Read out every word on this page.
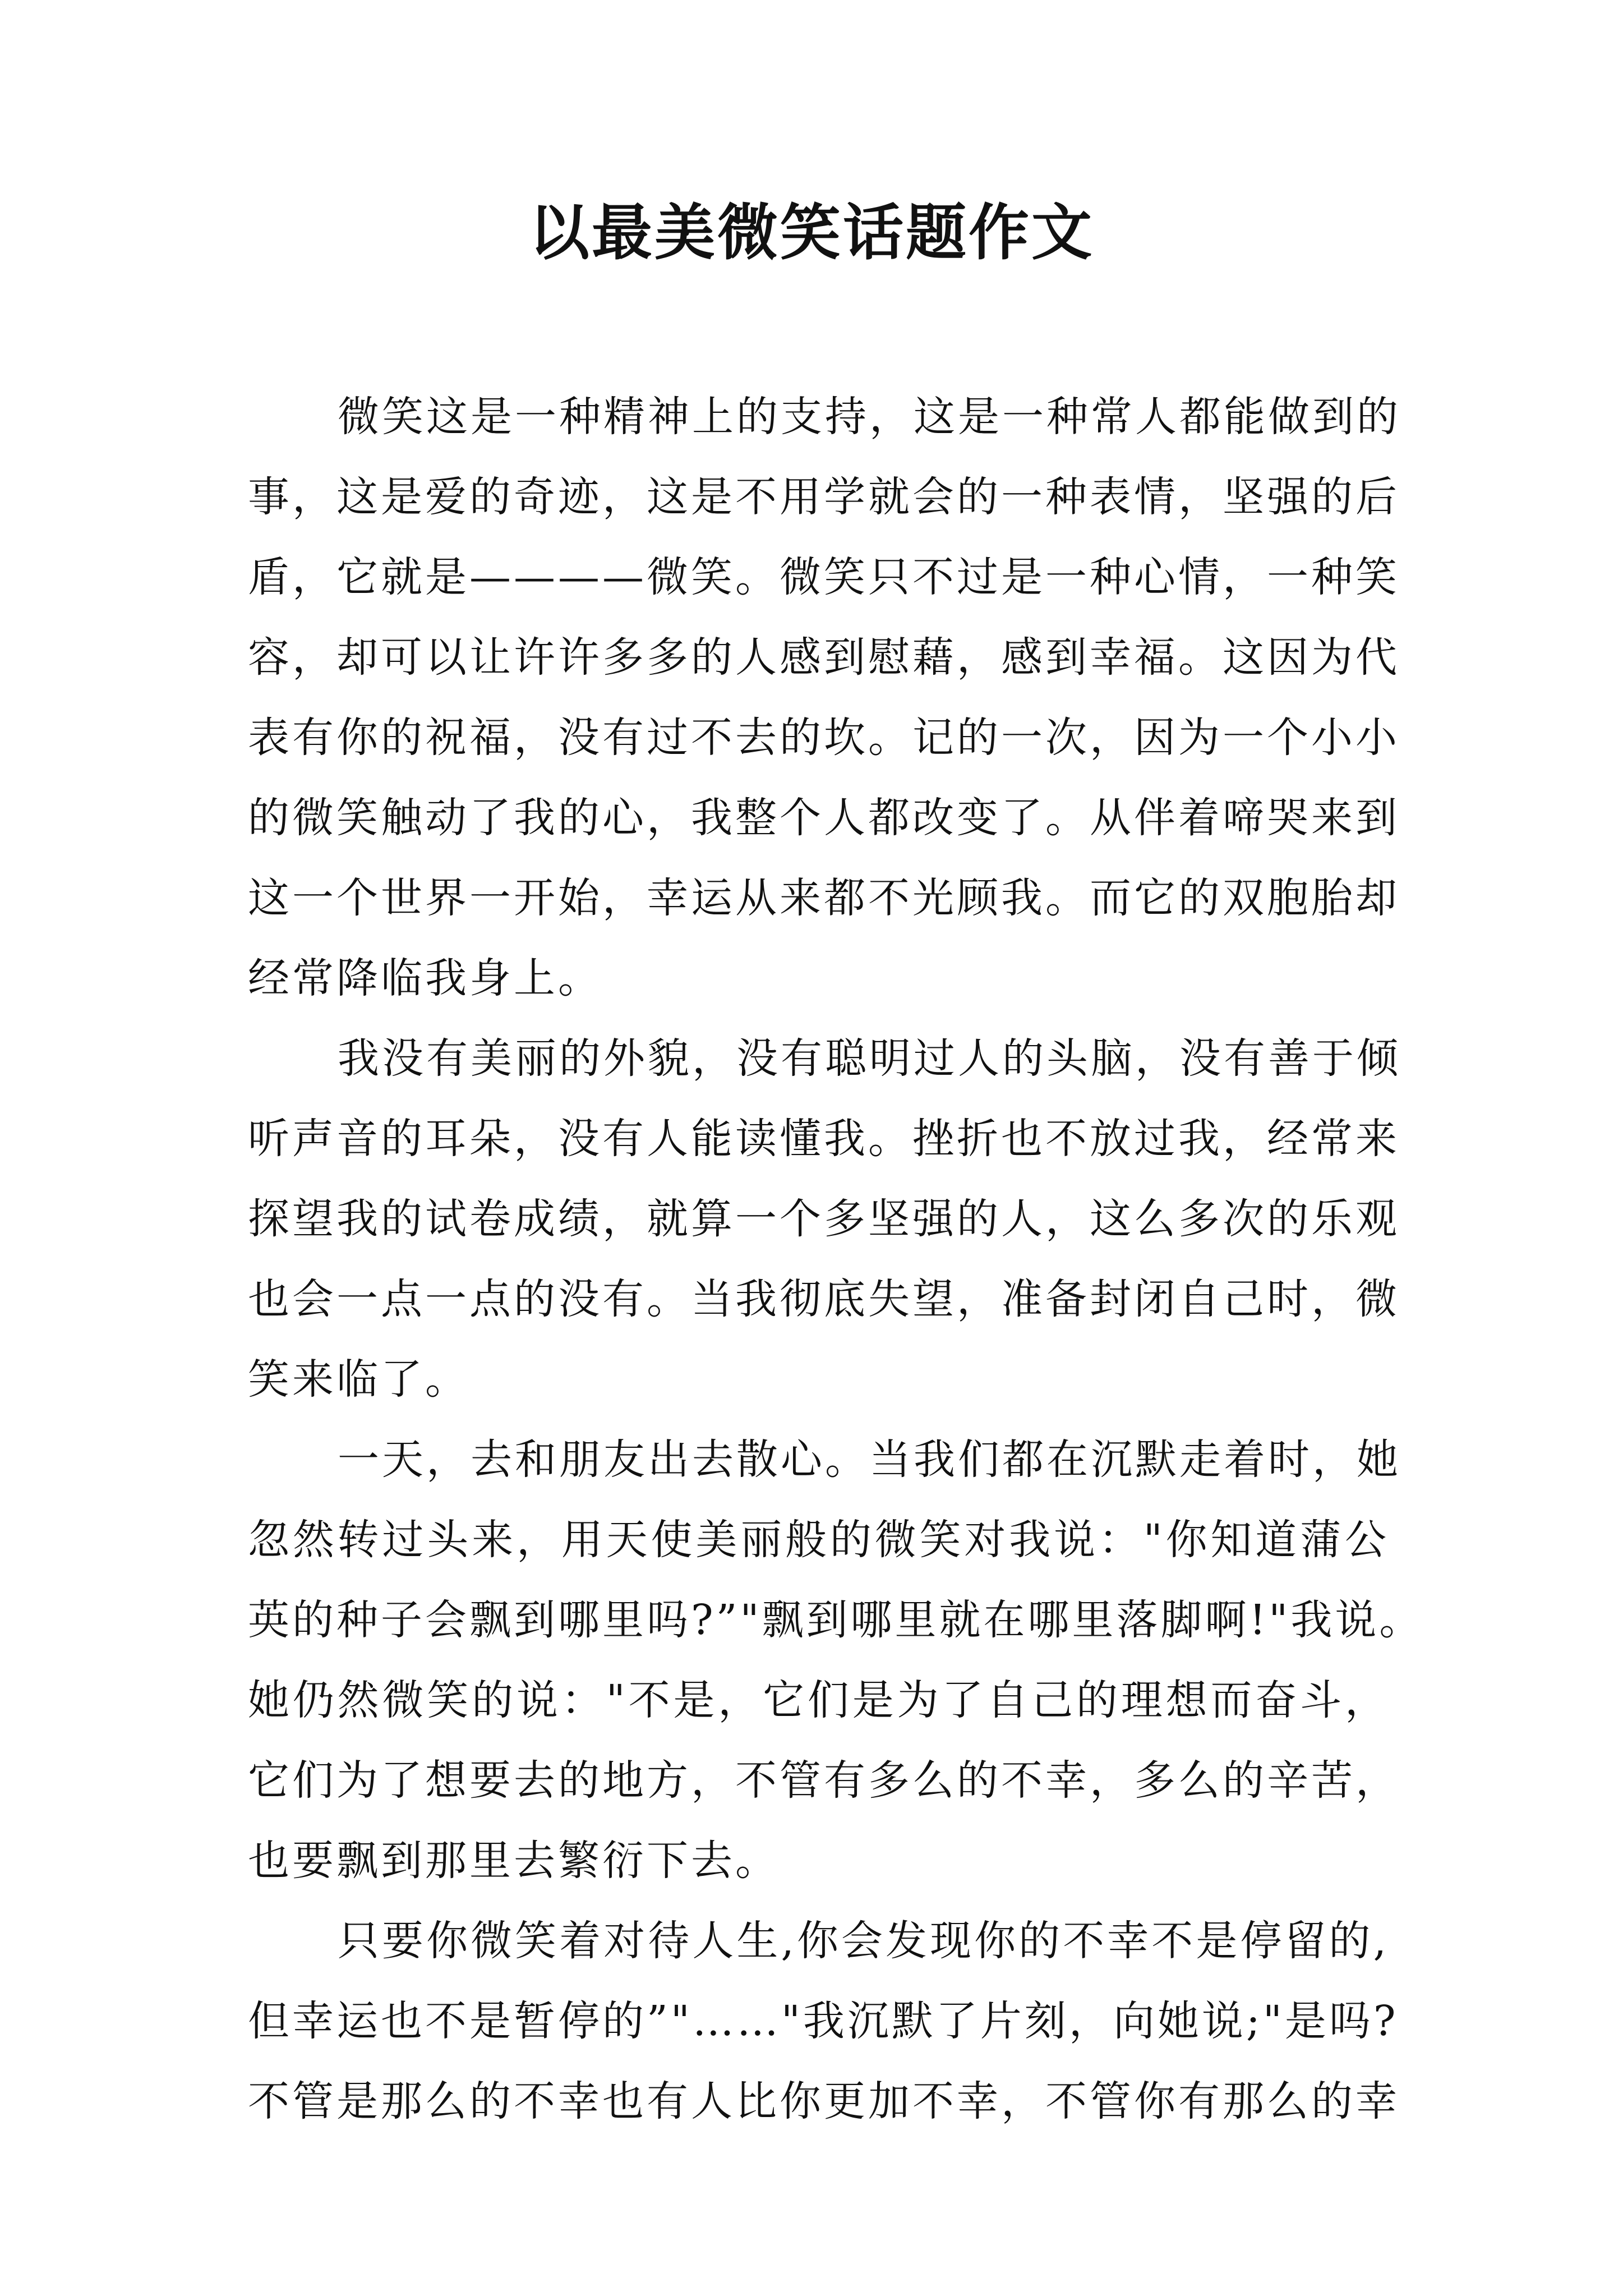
以最美微笑话题作文
微笑这是一种精神上的支持，这是一种常人都能做到的
事，这是爱的奇迹，这是不用学就会的一种表情，坚强的后
盾，它就是————微笑。微笑只不过是一种心情，一种笑
容，却可以让许许多多的人感到慰藉，感到幸福。这因为代
表有你的祝福，没有过不去的坎。记的一次，因为一个小小
的微笑触动了我的心，我整个人都改变了。从伴着啼哭来到
这一个世界一开始，幸运从来都不光顾我。而它的双胞胎却
经常降临我身上。
我没有美丽的外貌，没有聪明过人的头脑，没有善于倾
听声音的耳朵，没有人能读懂我。挫折也不放过我，经常来
探望我的试卷成绩，就算一个多坚强的人，这么多次的乐观
也会一点一点的没有。当我彻底失望，准备封闭自己时，微
笑来临了。
一天，去和朋友出去散心。当我们都在沉默走着时，她
忽然转过头来，用天使美丽般的微笑对我说："你知道蒲公
英的种子会飘到哪里吗?”"飘到哪里就在哪里落脚啊!"我说。
她仍然微笑的说："不是，它们是为了自己的理想而奋斗，
它们为了想要去的地方，不管有多么的不幸，多么的辛苦，
也要飘到那里去繁衍下去。
只要你微笑着对待人生,你会发现你的不幸不是停留的,
但幸运也不是暂停的”"……"我沉默了片刻，向她说;"是吗?
不管是那么的不幸也有人比你更加不幸，不管你有那么的幸
